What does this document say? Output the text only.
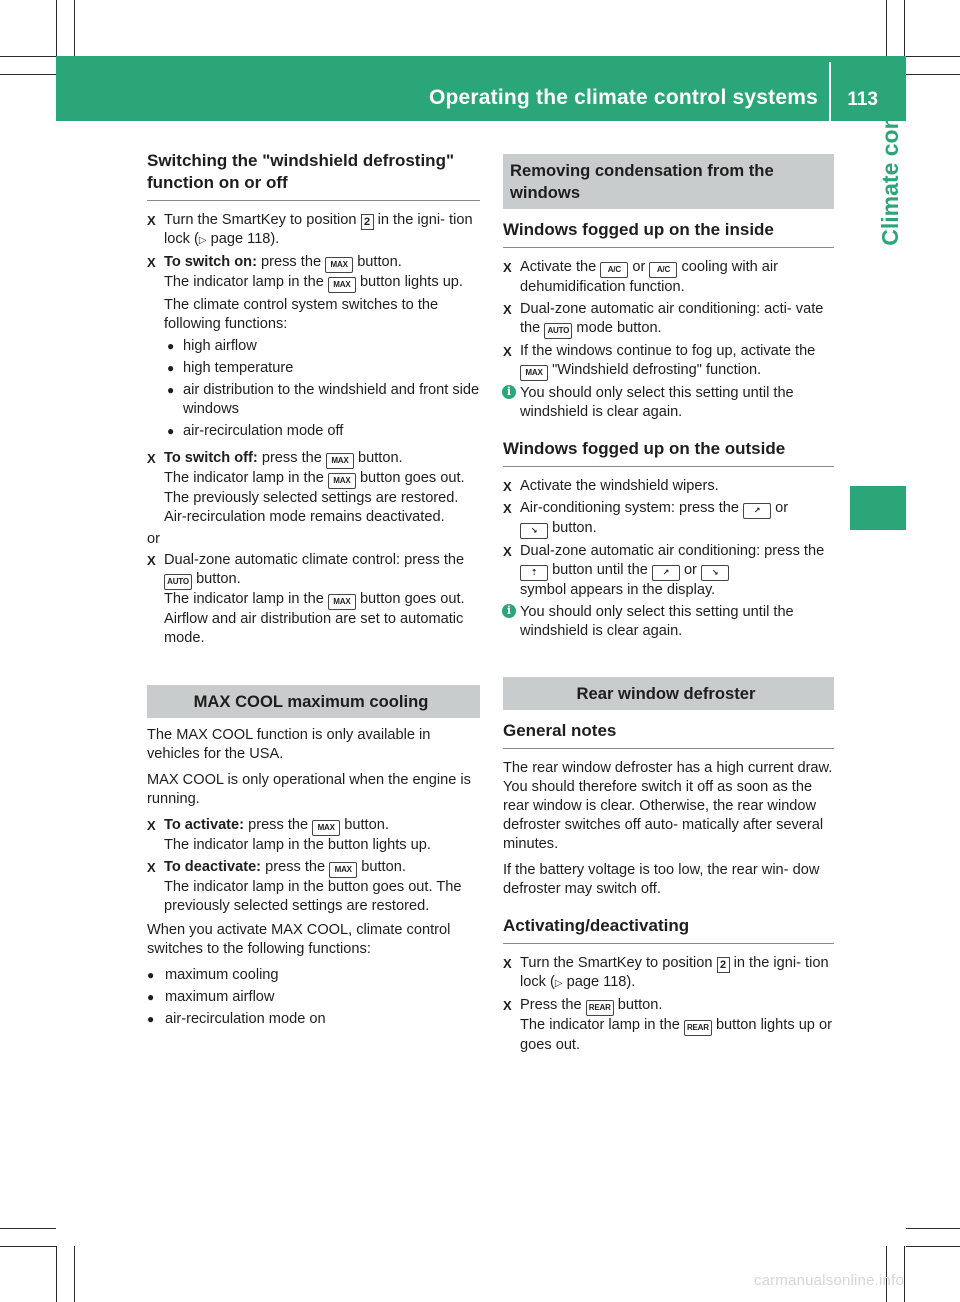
Operating the climate control systems 113 Climate control
Switching the "windshield defrosting" function on or off
X Turn the SmartKey to position 2 in the igni- tion lock (▷ page 118).
X To switch on: press the MAX button.
The indicator lamp in the MAX button lights up.

The climate control system switches to the following functions:

● high airflow
● high temperature
● air distribution to the windshield and front side windows
● air-recirculation mode off
X To switch off: press the MAX button.
The indicator lamp in the MAX button goes out. The previously selected settings are restored. Air-recirculation mode remains deactivated.

or

X Dual-zone automatic climate control: press the AUTO button.
The indicator lamp in the MAX button goes out. Airflow and air distribution are set to automatic mode.
MAX COOL maximum cooling

The MAX COOL function is only available in vehicles for the USA.

MAX COOL is only operational when the engine is running.

X To activate: press the MAX button.
The indicator lamp in the button lights up.
X To deactivate: press the MAX button.
The indicator lamp in the button goes out. The previously selected settings are restored.

When you activate MAX COOL, climate control switches to the following functions:

● maximum cooling
● maximum airflow
● air-recirculation mode on
Removing condensation from the windows
Windows fogged up on the inside
X Activate the A/C or A/C cooling with air dehumidification function.
X Dual-zone automatic air conditioning: acti- vate the AUTO mode button.
X If the windows continue to fog up, activate the MAX "Windshield defrosting" function.
i You should only select this setting until the windshield is clear again.
Windows fogged up on the outside
X Activate the windshield wipers.
X Air-conditioning system: press the ↗ or
↘ button.
X Dual-zone automatic air conditioning: press the ⇡ button until the ↗ or ↘
symbol appears in the display.
i You should only select this setting until the windshield is clear again.
Rear window defroster
General notes

The rear window defroster has a high current draw. You should therefore switch it off as soon as the rear window is clear. Otherwise, the rear window defroster switches off auto- matically after several minutes.

If the battery voltage is too low, the rear win- dow defroster may switch off.

Activating/deactivating
X Turn the SmartKey to position 2 in the igni- tion lock (▷ page 118).
X Press the REAR button.
The indicator lamp in the REAR button lights up or goes out.
carmanualsonline.info
